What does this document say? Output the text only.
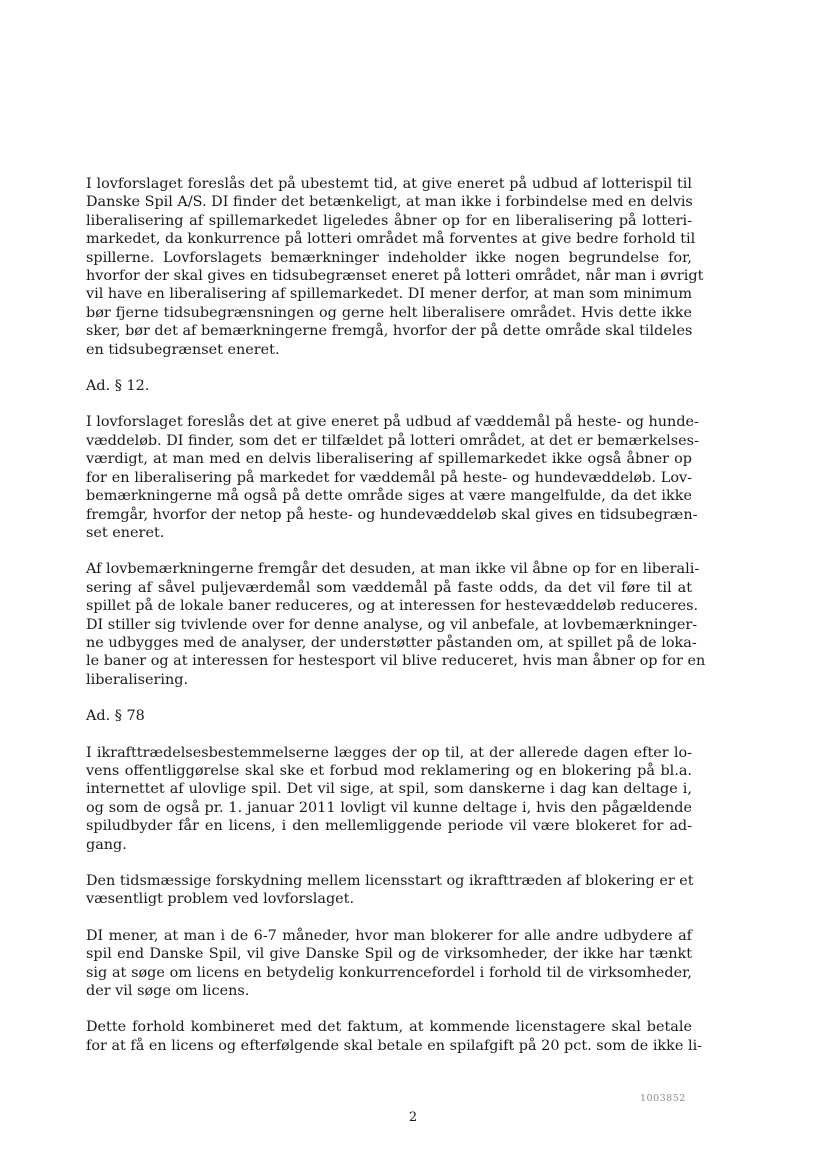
I lovforslaget foreslås det på ubestemt tid, at give eneret på udbud af lotterispil til
Danske Spil A/S. DI finder det betænkeligt, at man ikke i forbindelse med en delvis
liberalisering af spillemarkedet ligeledes åbner op for en liberalisering på lotteri-
markedet, da konkurrence på lotteri området må forventes at give bedre forhold til
spillerne. Lovforslagets bemærkninger indeholder ikke nogen begrundelse for,
hvorfor der skal gives en tidsubegrænset eneret på lotteri området, når man i øvrigt
vil have en liberalisering af spillemarkedet. DI mener derfor, at man som minimum
bør fjerne tidsubegrænsningen og gerne helt liberalisere området. Hvis dette ikke
sker, bør det af bemærkningerne fremgå, hvorfor der på dette område skal tildeles
en tidsubegrænset eneret.
Ad. § 12.
I lovforslaget foreslås det at give eneret på udbud af væddemål på heste- og hunde-
væddeløb. DI finder, som det er tilfældet på lotteri området, at det er bemærkelses-
værdigt, at man med en delvis liberalisering af spillemarkedet ikke også åbner op
for en liberalisering på markedet for væddemål på heste- og hundevæddeløb. Lov-
bemærkningerne må også på dette område siges at være mangelfulde, da det ikke
fremgår, hvorfor der netop på heste- og hundevæddeløb skal gives en tidsubegræn-
set eneret.
Af lovbemærkningerne fremgår det desuden, at man ikke vil åbne op for en liberali-
sering af såvel puljeværdemål som væddemål på faste odds, da det vil føre til at
spillet på de lokale baner reduceres, og at interessen for hestevæddeløb reduceres.
DI stiller sig tvivlende over for denne analyse, og vil anbefale, at lovbemærkninger-
ne udbygges med de analyser, der understøtter påstanden om, at spillet på de loka-
le baner og at interessen for hestesport vil blive reduceret, hvis man åbner op for en
liberalisering.
Ad. § 78
I ikrafttrædelsesbestemmelserne lægges der op til, at der allerede dagen efter lo-
vens offentliggørelse skal ske et forbud mod reklamering og en blokering på bl.a.
internettet af ulovlige spil. Det vil sige, at spil, som danskerne i dag kan deltage i,
og som de også pr. 1. januar 2011 lovligt vil kunne deltage i, hvis den pågældende
spiludbyder får en licens, i den mellemliggende periode vil være blokeret for ad-
gang.
Den tidsmæssige forskydning mellem licensstart og ikrafttræden af blokering er et
væsentligt problem ved lovforslaget.
DI mener, at man i de 6-7 måneder, hvor man blokerer for alle andre udbydere af
spil end Danske Spil, vil give Danske Spil og de virksomheder, der ikke har tænkt
sig at søge om licens en betydelig konkurrencefordel i forhold til de virksomheder,
der vil søge om licens.
Dette forhold kombineret med det faktum, at kommende licenstagere skal betale
for at få en licens og efterfølgende skal betale en spilafgift på 20 pct. som de ikke li-
1003852
2
